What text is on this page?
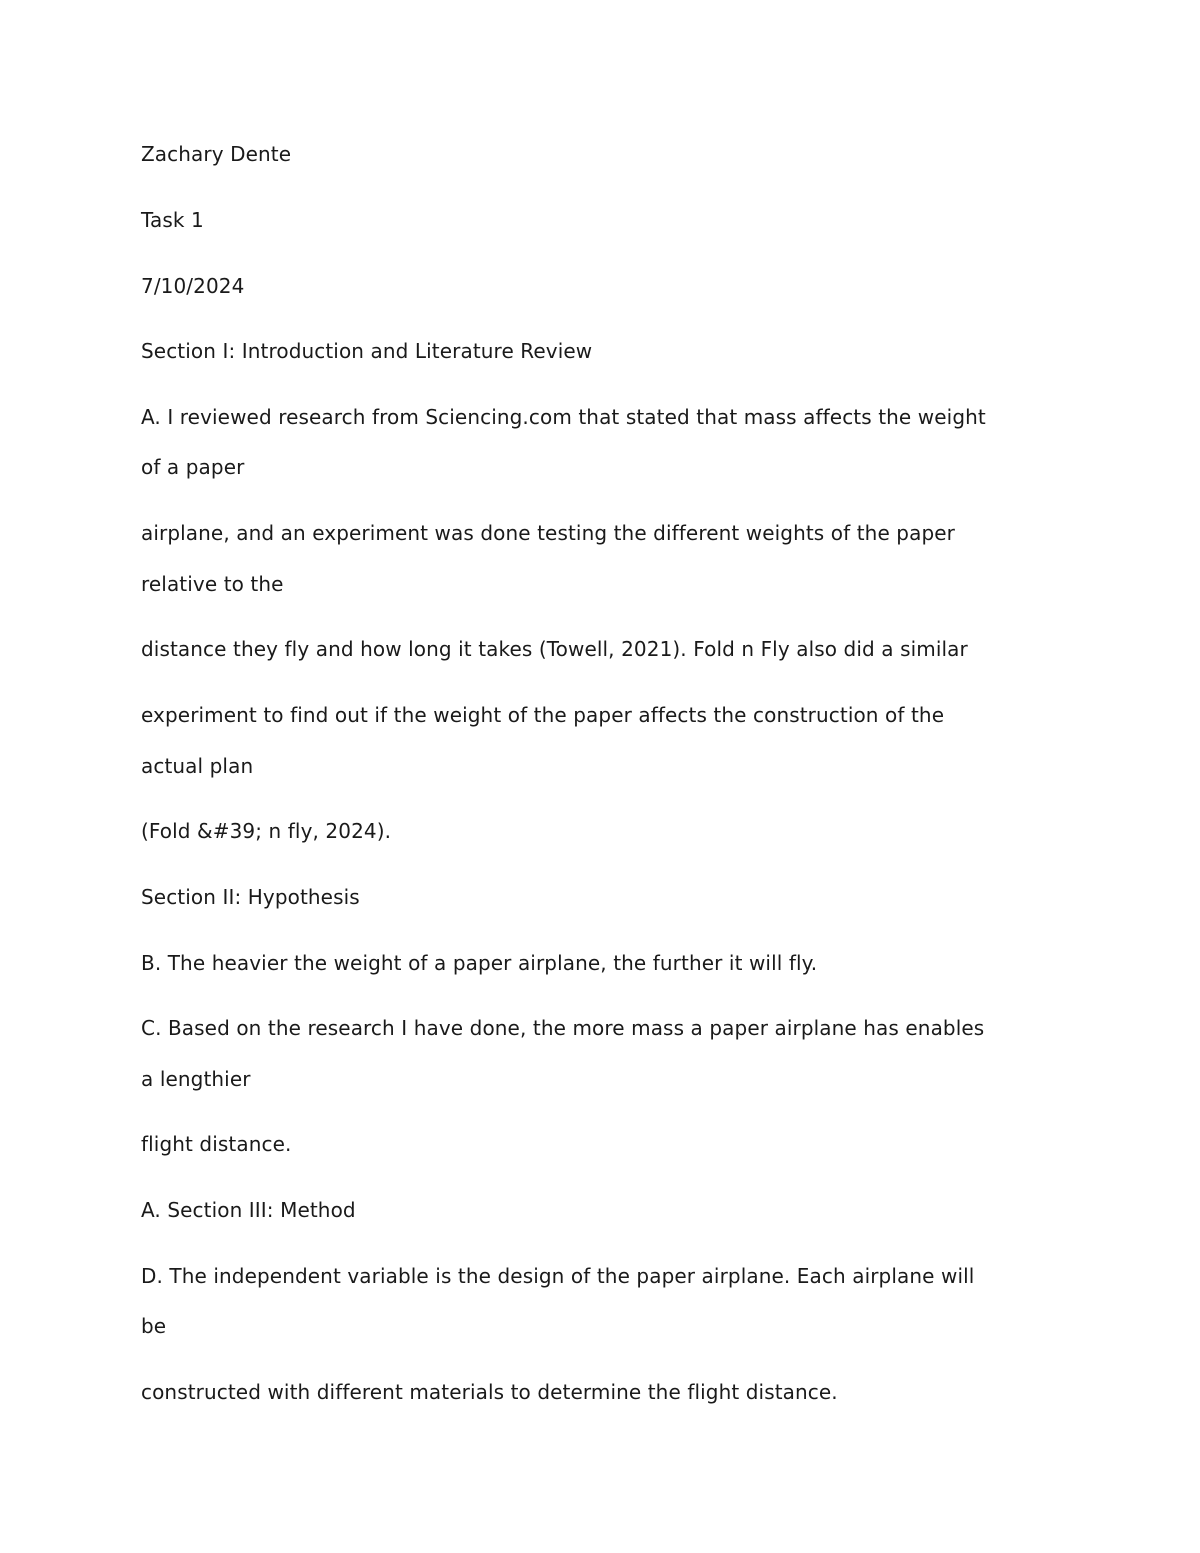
Zachary Dente
Task 1
7/10/2024
Section I: Introduction and Literature Review
A. I reviewed research from Sciencing.com that stated that mass affects the weight
of a paper
airplane, and an experiment was done testing the different weights of the paper
relative to the
distance they fly and how long it takes (Towell, 2021). Fold n Fly also did a similar
experiment to find out if the weight of the paper affects the construction of the
actual plan
(Fold &#39; n fly, 2024).
Section II: Hypothesis
B. The heavier the weight of a paper airplane, the further it will fly.
C. Based on the research I have done, the more mass a paper airplane has enables
a lengthier
flight distance.
A. Section III: Method
D. The independent variable is the design of the paper airplane. Each airplane will
be
constructed with different materials to determine the flight distance.
